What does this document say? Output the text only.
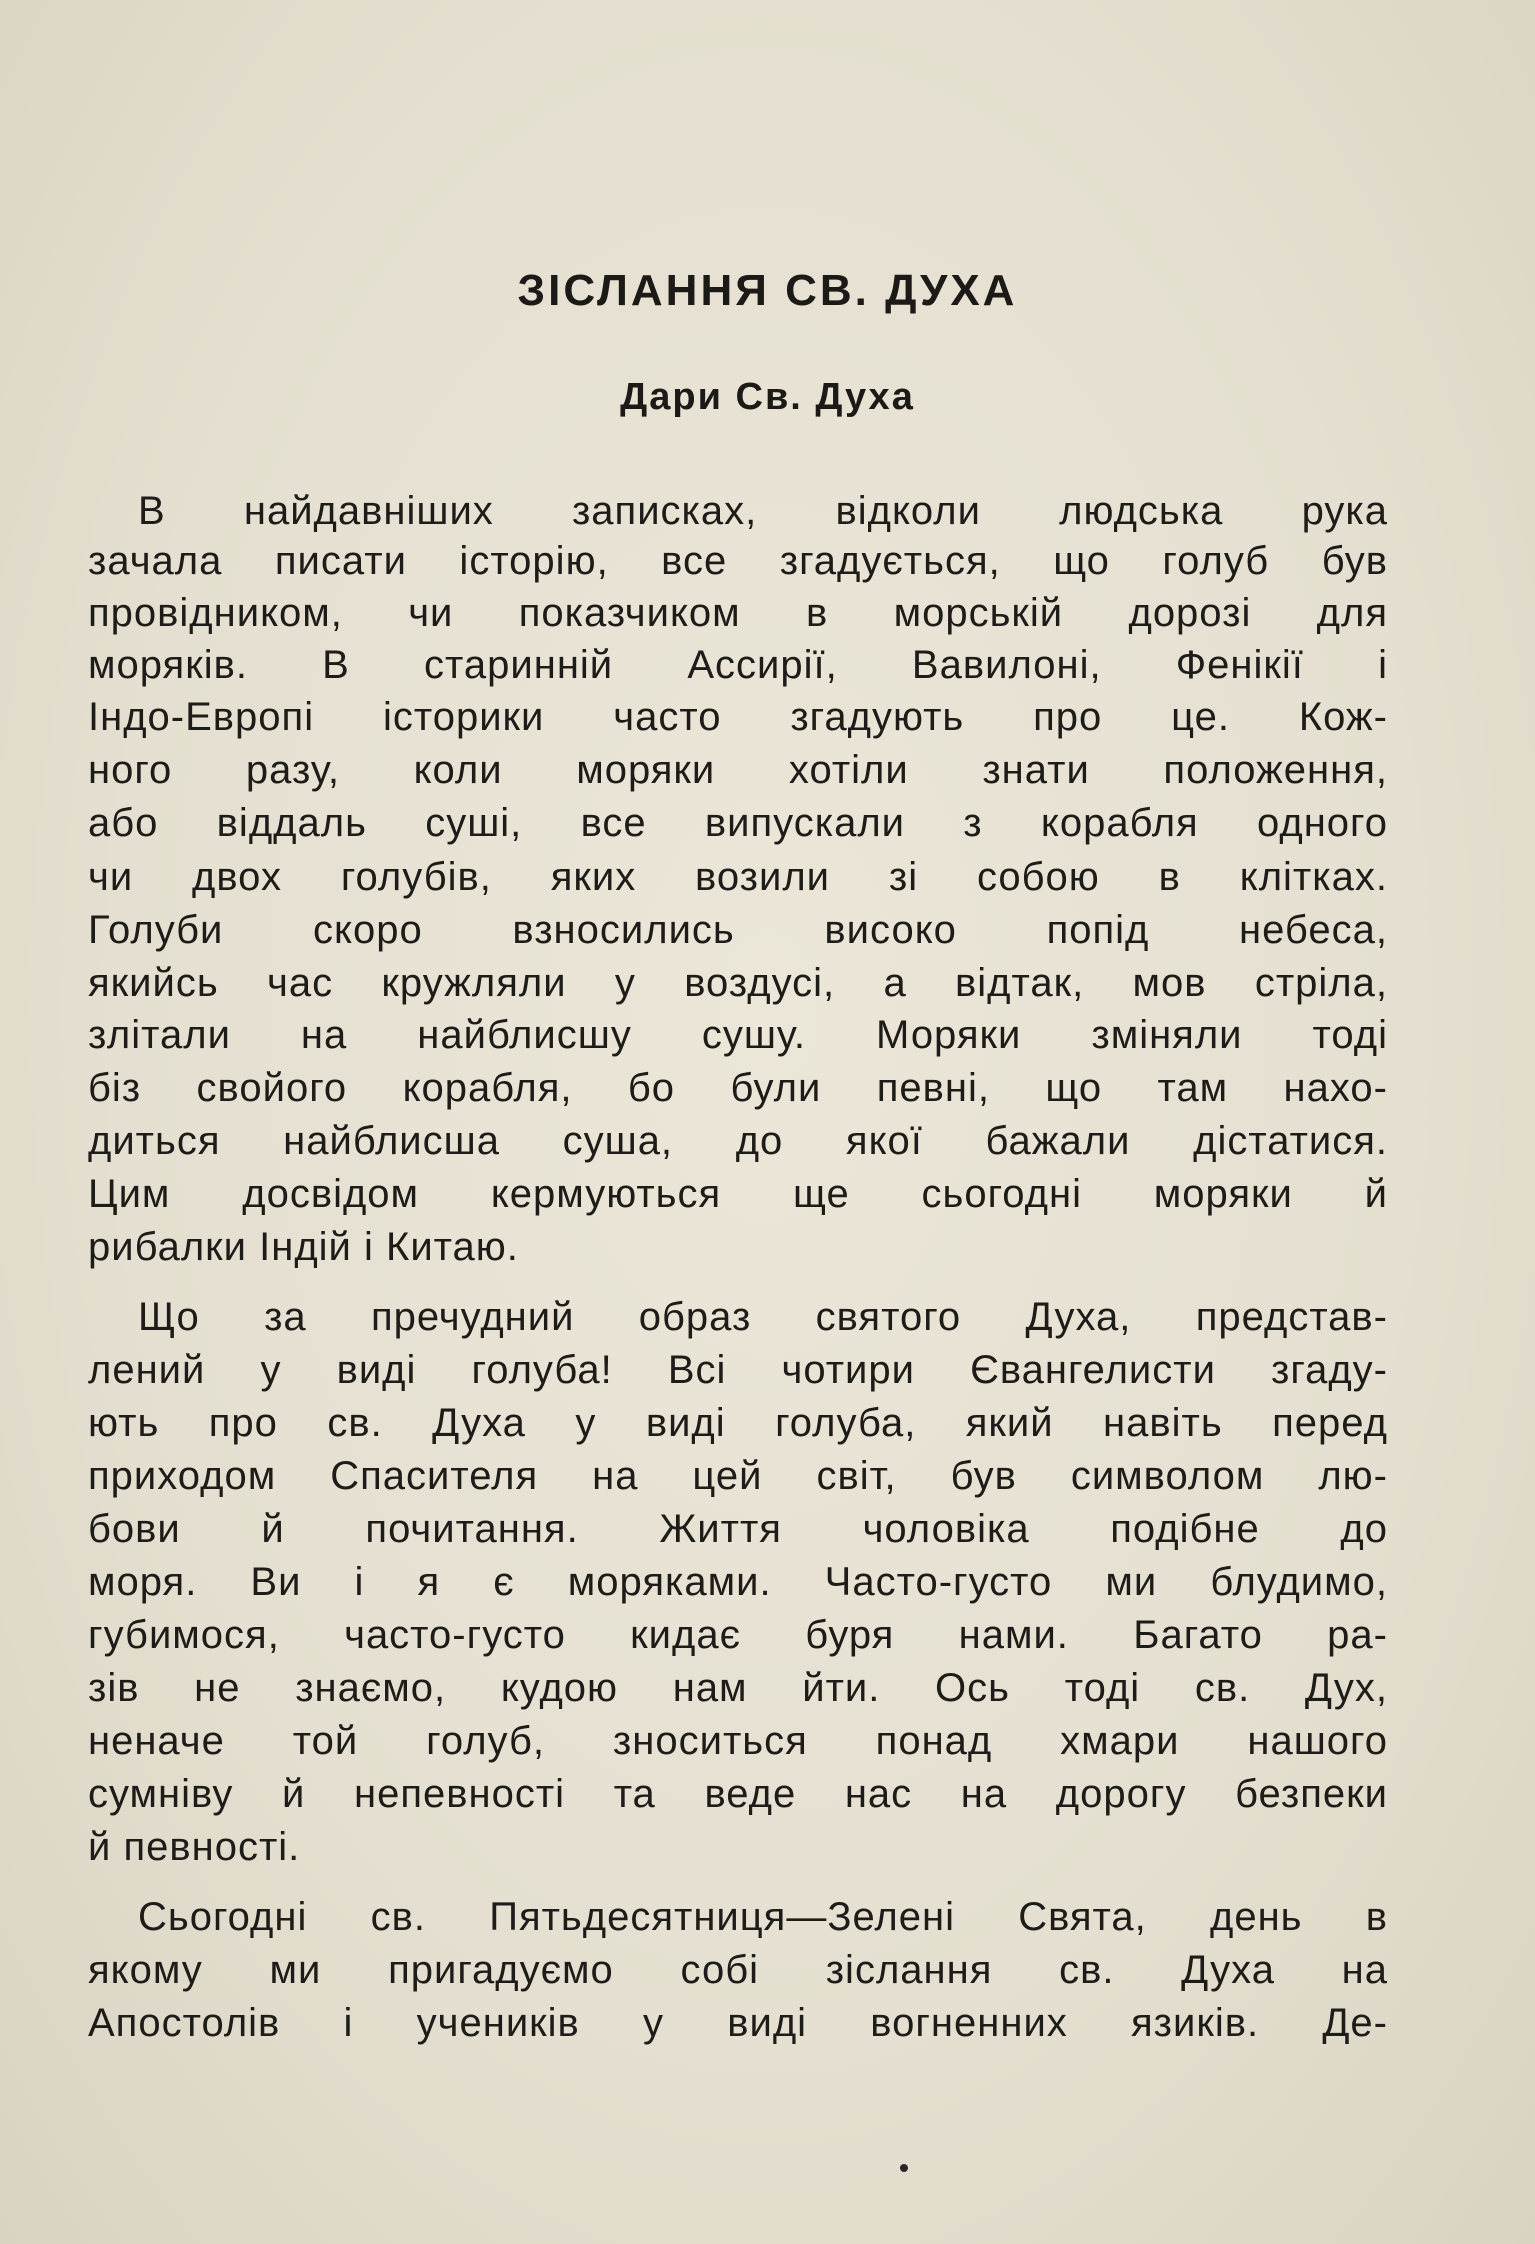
ЗІСЛАННЯ СВ. ДУХА
Дари Св. Духа
В найдавніших записках, відколи людська рука
зачала писати історію, все згадується, що голуб був
провідником, чи показчиком в морській дорозі для
моряків. В старинній Ассирії, Вавилоні, Фенікії і
Індо-Европі історики часто згадують про це. Кож-
ного разу, коли моряки хотіли знати положення,
або віддаль суші, все випускали з корабля одного
чи двох голубів, яких возили зі собою в клітках.
Голуби скоро взносились високо попід небеса,
якийсь час кружляли у воздусі, а відтак, мов стріла,
злітали на найблисшу сушу. Моряки зміняли тоді
біз свойого корабля, бо були певні, що там нахо-
диться найблисша суша, до якої бажали дістатися.
Цим досвідом кермуються ще сьогодні моряки й
рибалки Індій і Китаю.
Що за пречудний образ святого Духа, представ-
лений у виді голуба! Всі чотири Євангелисти згаду-
ють про св. Духа у виді голуба, який навіть перед
приходом Спасителя на цей світ, був символом лю-
бови й почитання. Життя чоловіка подібне до
моря. Ви і я є моряками. Часто-густо ми блудимо,
губимося, часто-густо кидає буря нами. Багато ра-
зів не знаємо, кудою нам йти. Ось тоді св. Дух,
неначе той голуб, зноситься понад хмари нашого
сумніву й непевності та веде нас на дорогу безпеки
й певності.
Сьогодні св. Пятьдесятниця—Зелені Свята, день в
якому ми пригадуємо собі зіслання св. Духа на
Апостолів і учеників у виді вогненних язиків. Де-
